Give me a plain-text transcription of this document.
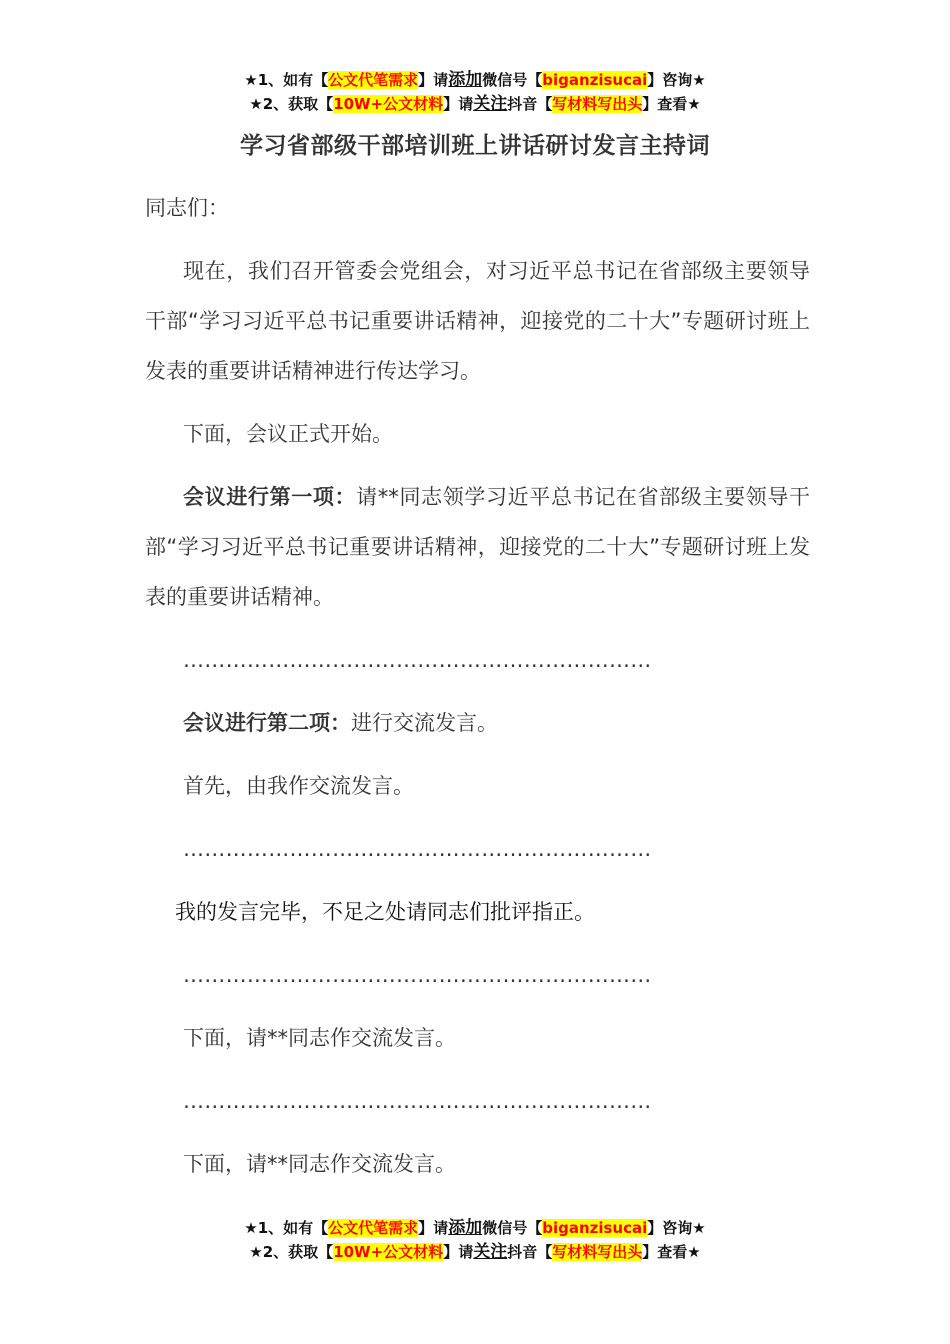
★1、如有【公文代笔需求】请添加微信号【biganzisucai】咨询★
★2、获取【10W+公文材料】请关注抖音【写材料写出头】查看★
学习省部级干部培训班上讲话研讨发言主持词
同志们：
现在，我们召开管委会党组会，对习近平总书记在省部级主要领导干部“学习习近平总书记重要讲话精神，迎接党的二十大”专题研讨班上发表的重要讲话精神进行传达学习。
下面，会议正式开始。
会议进行第一项：请**同志领学习近平总书记在省部级主要领导干部“学习习近平总书记重要讲话精神，迎接党的二十大”专题研讨班上发表的重要讲话精神。
…………………………………………………………
会议进行第二项：进行交流发言。
首先，由我作交流发言。
…………………………………………………………
我的发言完毕，不足之处请同志们批评指正。
…………………………………………………………
下面，请**同志作交流发言。
…………………………………………………………
下面，请**同志作交流发言。
★1、如有【公文代笔需求】请添加微信号【biganzisucai】咨询★
★2、获取【10W+公文材料】请关注抖音【写材料写出头】查看★
